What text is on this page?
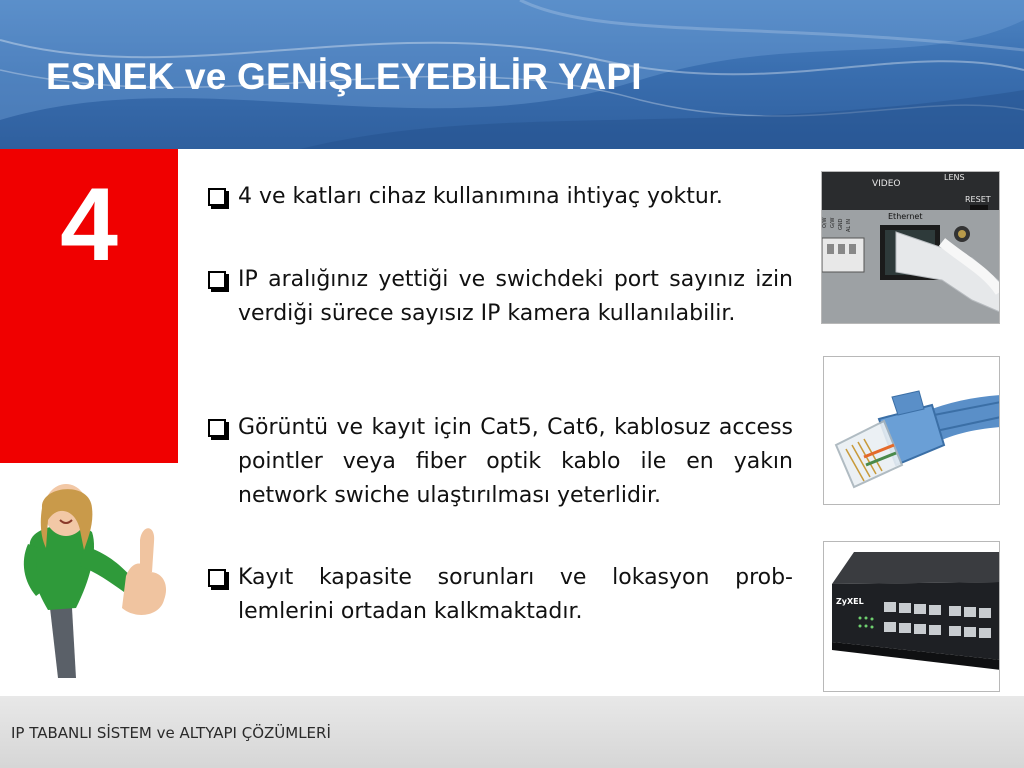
ESNEK ve GENİŞLEYEBİLİR YAPI
4	4 ve katları cihaz kullanımına ihtiyaç yoktur.
IP aralığınız yettiği ve swichdeki port sayınız izin verdiği sürece sayısız IP kamera kullanılabilir.
Görüntü ve kayıt için Cat5, Cat6, kablosuz access pointler veya fiber optik kablo ile en yakın network swiche ulaştırılması yeterlidir.
Kayıt kapasite sorunları ve lokasyon prob-lemlerini ortadan kalkmaktadır.
VIDEO
LENS
RESET
O/W G/W GND AL IN
Ethernet
ZyXEL
IP TABANLI SİSTEM ve ALTYAPI ÇÖZÜMLERİ
